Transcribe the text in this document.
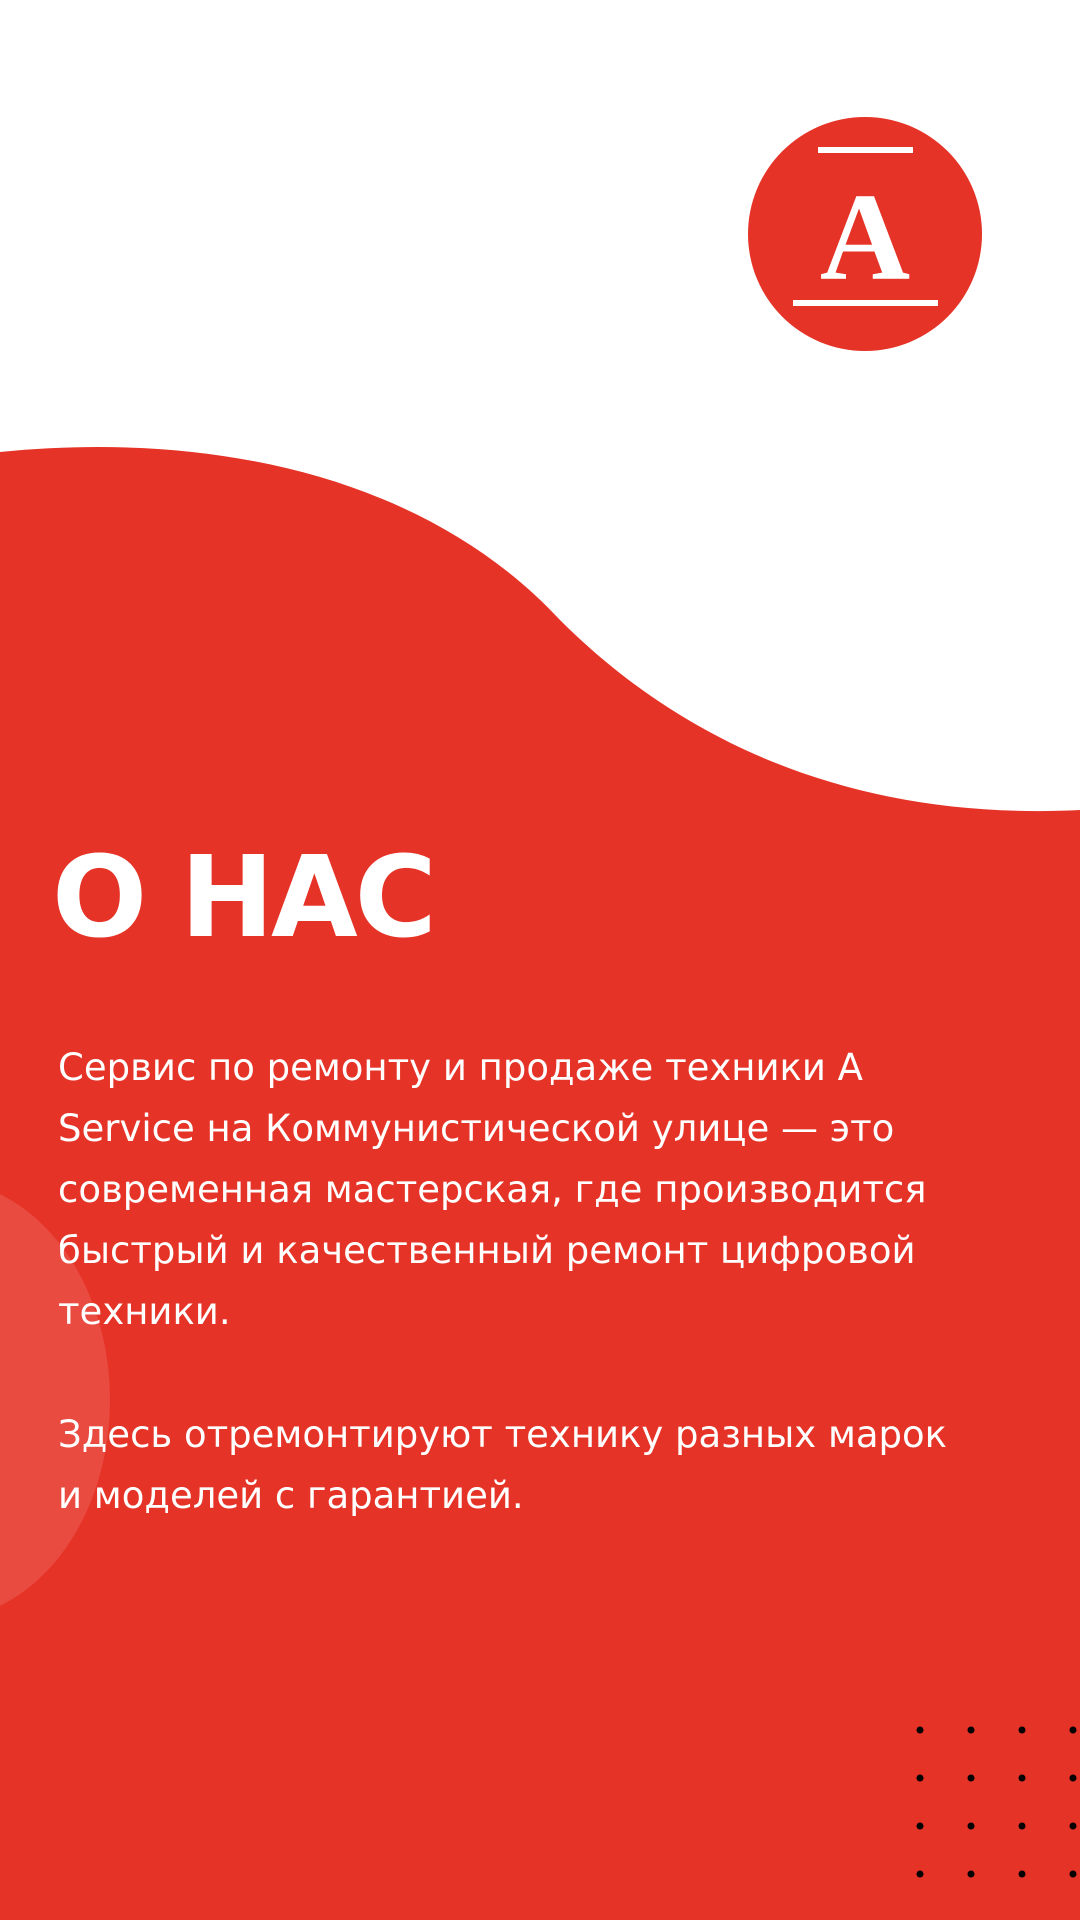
A
О НАС

Сервис по ремонту и продаже техники A Service на Коммунистической улице — это современная мастерская, где производится быстрый и качественный ремонт цифровой техники.

Здесь отремонтируют технику разных марок и моделей с гарантией.
